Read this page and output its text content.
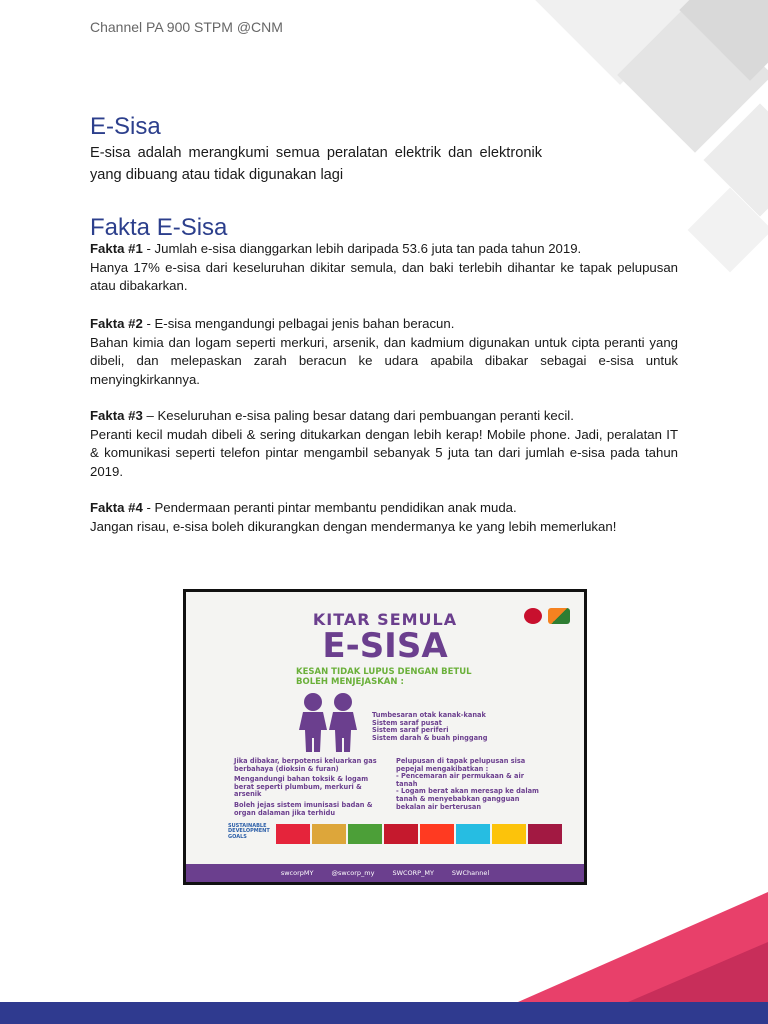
Channel PA 900 STPM @CNM
E-Sisa
E-sisa adalah merangkumi semua peralatan elektrik dan elektronik yang dibuang atau tidak digunakan lagi
Fakta E-Sisa
Fakta #1 - Jumlah e-sisa dianggarkan lebih daripada 53.6 juta tan pada tahun 2019.
Hanya 17% e-sisa dari keseluruhan dikitar semula, dan baki terlebih dihantar ke tapak pelupusan atau dibakarkan.
Fakta #2 - E-sisa mengandungi pelbagai jenis bahan beracun.
Bahan kimia dan logam seperti merkuri, arsenik, dan kadmium digunakan untuk cipta peranti yang dibeli, dan melepaskan zarah beracun ke udara apabila dibakar sebagai e-sisa untuk menyingkirkannya.
Fakta #3 – Keseluruhan e-sisa paling besar datang dari pembuangan peranti kecil.
Peranti kecil mudah dibeli & sering ditukarkan dengan lebih kerap! Mobile phone. Jadi, peralatan IT & komunikasi seperti telefon pintar mengambil sebanyak 5 juta tan dari jumlah e-sisa pada tahun 2019.
Fakta #4 - Pendermaan peranti pintar membantu pendidikan anak muda.
Jangan risau, e-sisa boleh dikurangkan dengan mendermanya ke yang lebih memerlukan!
KITAR SEMULA
E-SISA
KESAN TIDAK LUPUS DENGAN BETUL BOLEH MENJEJASKAN :
Tumbesaran otak kanak-kanak
Sistem saraf pusat
Sistem saraf periferi
Sistem darah & buah pinggang
Jika dibakar, berpotensi keluarkan gas berbahaya (dioksin & furan)
Mengandungi bahan toksik & logam berat seperti plumbum, merkuri & arsenik
Boleh jejas sistem imunisasi badan & organ dalaman jika terhidu
Pelupusan di tapak pelupusan sisa pepejal mengakibatkan :
- Pencemaran air permukaan & air tanah
- Logam berat akan meresap ke dalam tanah & menyebabkan gangguan bekalan air berterusan
SUSTAINABLE DEVELOPMENT GOALS
swcorpMY	@swcorp_my	SWCORP_MY	SWChannel
